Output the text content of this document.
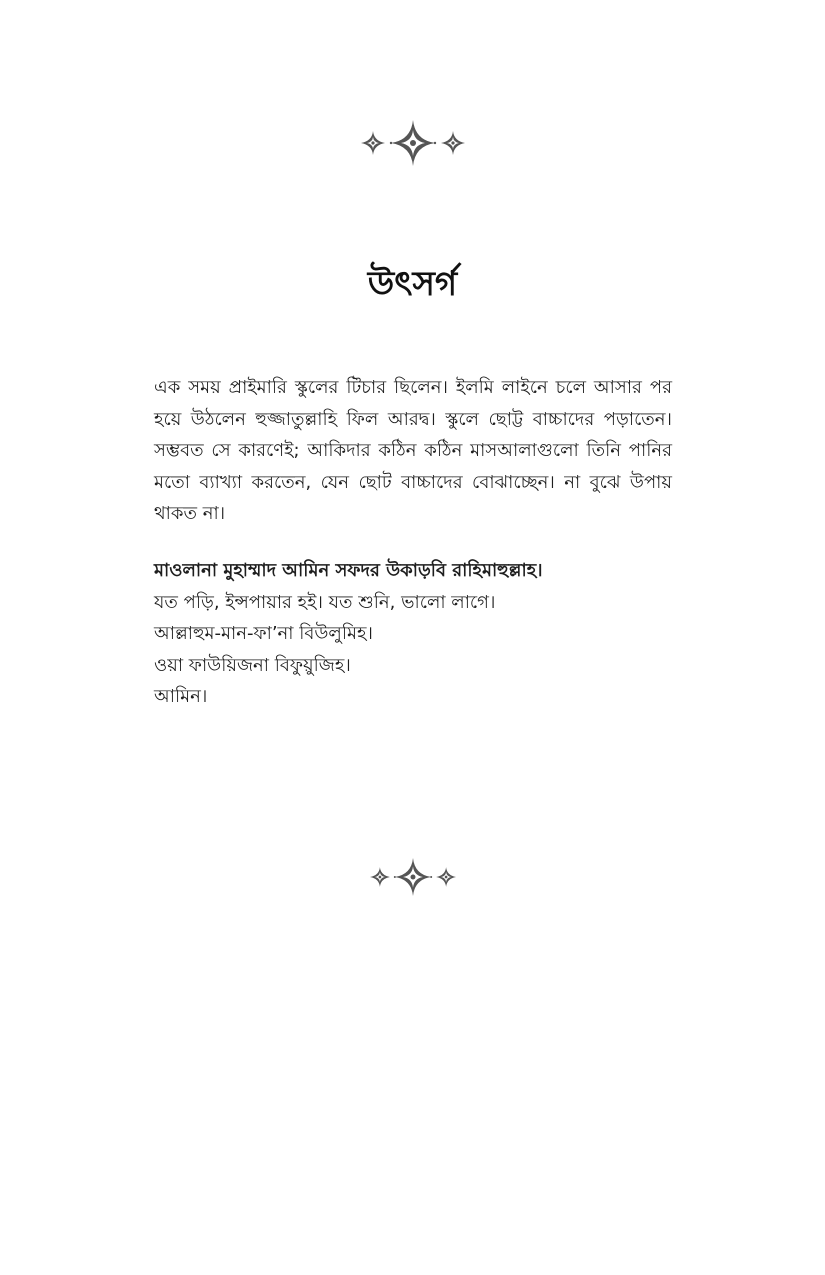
উৎসর্গ

এক সময় প্রাইমারি স্কুলের টিচার ছিলেন। ইলমি লাইনে চলে আসার পর হয়ে উঠলেন হুজ্জাতুল্লাহি ফিল আরদ্ব। স্কুলে ছোট্ট বাচ্চাদের পড়াতেন। সম্ভবত সে কারণেই; আকিদার কঠিন কঠিন মাসআলাগুলো তিনি পানির মতো ব্যাখ্যা করতেন, যেন ছোট বাচ্চাদের বোঝাচ্ছেন। না বুঝে উপায় থাকত না।

মাওলানা মুহাম্মাদ আমিন সফদর উকাড়বি রাহিমাহুল্লাহ।

যত পড়ি, ইন্সপায়ার হই। যত শুনি, ভালো লাগে।

আল্লাহুম-মান-ফা’না বিউলুমিহ।

ওয়া ফাউয়িজনা বিফুয়ুজিহ।

আমিন।
